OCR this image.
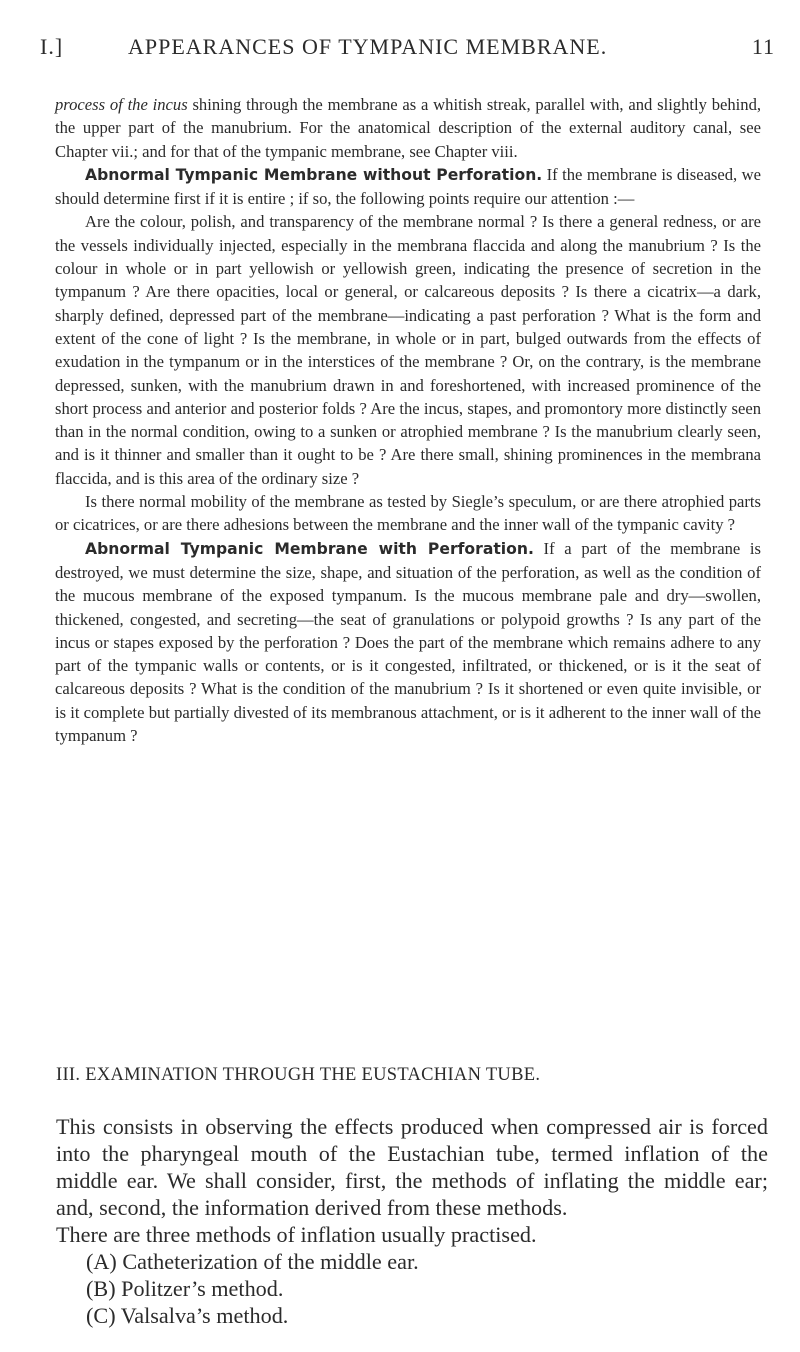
I.]	APPEARANCES OF TYMPANIC MEMBRANE.	11

process of the incus shining through the membrane as a whitish streak, parallel with, and slightly behind, the upper part of the manubrium. For the anatomical description of the external auditory canal, see Chapter vii.; and for that of the tympanic membrane, see Chapter viii.

Abnormal Tympanic Membrane without Perforation. If the membrane is diseased, we should determine first if it is entire ; if so, the following points require our attention :—

Are the colour, polish, and transparency of the membrane normal ? Is there a general redness, or are the vessels individually injected, especially in the membrana flaccida and along the manubrium ? Is the colour in whole or in part yellowish or yellowish green, indicating the presence of secretion in the tympanum ? Are there opacities, local or general, or calcareous deposits ? Is there a cicatrix—a dark, sharply defined, depressed part of the membrane—indicating a past perforation ? What is the form and extent of the cone of light ? Is the membrane, in whole or in part, bulged outwards from the effects of exudation in the tympanum or in the interstices of the membrane ? Or, on the contrary, is the membrane depressed, sunken, with the manubrium drawn in and foreshortened, with increased prominence of the short process and anterior and posterior folds ? Are the incus, stapes, and promontory more distinctly seen than in the normal condition, owing to a sunken or atrophied membrane ? Is the manubrium clearly seen, and is it thinner and smaller than it ought to be ? Are there small, shining prominences in the membrana flaccida, and is this area of the ordinary size ?

Is there normal mobility of the membrane as tested by Siegle’s speculum, or are there atrophied parts or cicatrices, or are there adhesions between the membrane and the inner wall of the tympanic cavity ?

Abnormal Tympanic Membrane with Perforation. If a part of the membrane is destroyed, we must determine the size, shape, and situation of the perforation, as well as the condition of the mucous membrane of the exposed tympanum. Is the mucous membrane pale and dry—swollen, thickened, congested, and secreting—the seat of granulations or polypoid growths ? Is any part of the incus or stapes exposed by the perforation ? Does the part of the membrane which remains adhere to any part of the tympanic walls or contents, or is it congested, infiltrated, or thickened, or is it the seat of calcareous deposits ? What is the condition of the manubrium ? Is it shortened or even quite invisible, or is it complete but partially divested of its membranous attachment, or is it adherent to the inner wall of the tympanum ?

III. EXAMINATION THROUGH THE EUSTACHIAN TUBE.

This consists in observing the effects produced when compressed air is forced into the pharyngeal mouth of the Eustachian tube, termed inflation of the middle ear. We shall consider, first, the methods of inflating the middle ear; and, second, the information derived from these methods.

There are three methods of inflation usually practised.

(A) Catheterization of the middle ear.

(B) Politzer’s method.

(C) Valsalva’s method.
